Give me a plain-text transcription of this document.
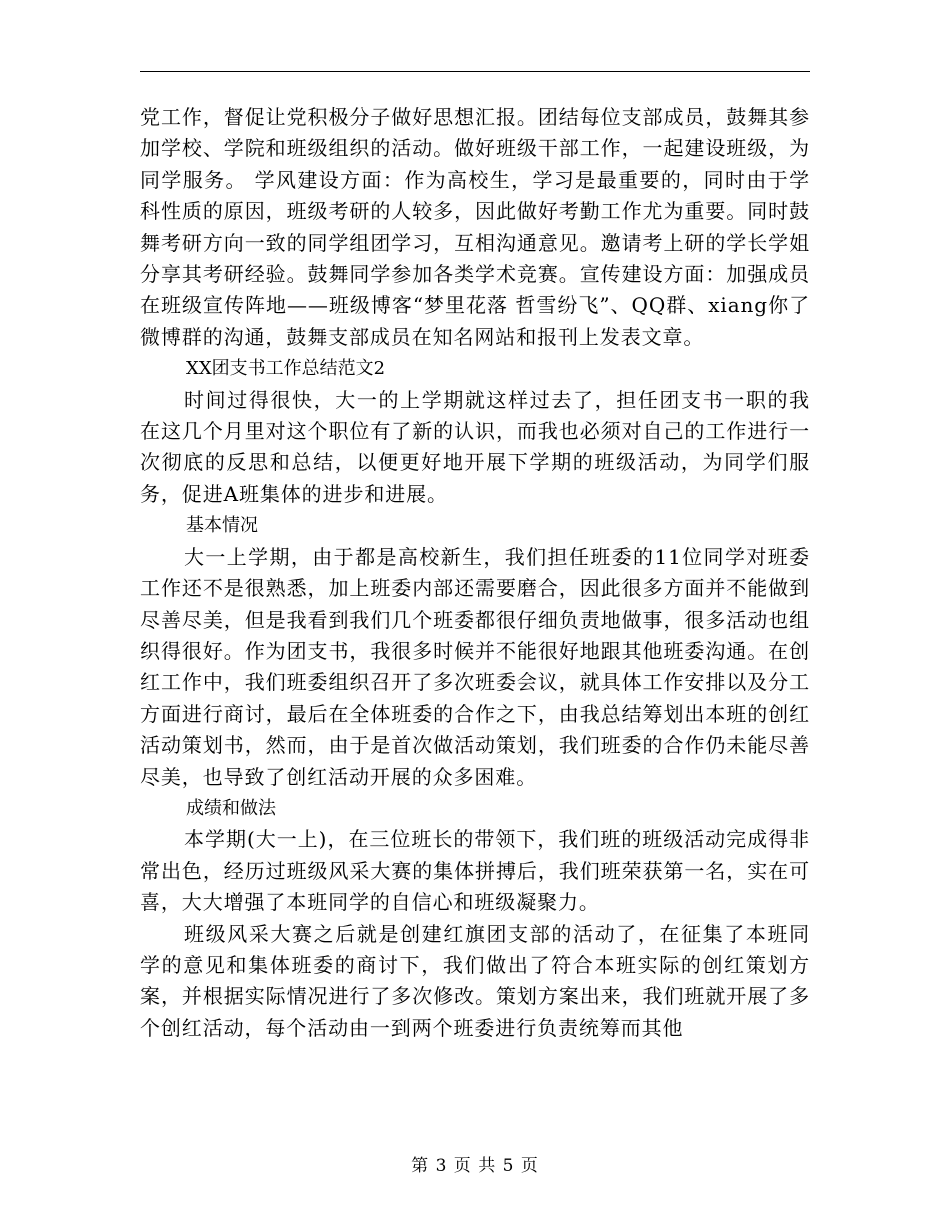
党工作，督促让党积极分子做好思想汇报。团结每位支部成员，鼓舞其参加学校、学院和班级组织的活动。做好班级干部工作，一起建设班级，为同学服务。 学风建设方面：作为高校生，学习是最重要的，同时由于学科性质的原因，班级考研的人较多，因此做好考勤工作尤为重要。同时鼓舞考研方向一致的同学组团学习，互相沟通意见。邀请考上研的学长学姐分享其考研经验。鼓舞同学参加各类学术竞赛。宣传建设方面：加强成员在班级宣传阵地——班级博客“梦里花落 哲雪纷飞”、QQ群、xiang你了微博群的沟通，鼓舞支部成员在知名网站和报刊上发表文章。

XX团支书工作总结范文2

时间过得很快，大一的上学期就这样过去了，担任团支书一职的我在这几个月里对这个职位有了新的认识，而我也必须对自己的工作进行一次彻底的反思和总结，以便更好地开展下学期的班级活动，为同学们服务，促进A班集体的进步和进展。

基本情况

大一上学期，由于都是高校新生，我们担任班委的11位同学对班委工作还不是很熟悉，加上班委内部还需要磨合，因此很多方面并不能做到尽善尽美，但是我看到我们几个班委都很仔细负责地做事，很多活动也组织得很好。作为团支书，我很多时候并不能很好地跟其他班委沟通。在创红工作中，我们班委组织召开了多次班委会议，就具体工作安排以及分工方面进行商讨，最后在全体班委的合作之下，由我总结筹划出本班的创红活动策划书，然而，由于是首次做活动策划，我们班委的合作仍未能尽善尽美，也导致了创红活动开展的众多困难。

成绩和做法

本学期(大一上)，在三位班长的带领下，我们班的班级活动完成得非常出色，经历过班级风采大赛的集体拼搏后，我们班荣获第一名，实在可喜，大大增强了本班同学的自信心和班级凝聚力。

班级风采大赛之后就是创建红旗团支部的活动了，在征集了本班同学的意见和集体班委的商讨下，我们做出了符合本班实际的创红策划方案，并根据实际情况进行了多次修改。策划方案出来，我们班就开展了多个创红活动，每个活动由一到两个班委进行负责统筹而其他

第 3 页 共 5 页
